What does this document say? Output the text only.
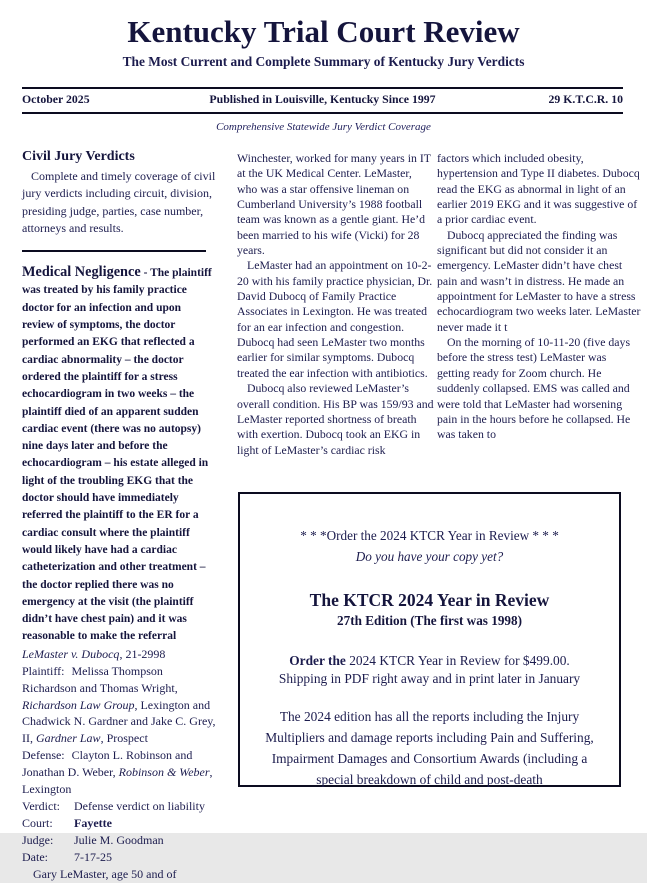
Kentucky Trial Court Review
The Most Current and Complete Summary of Kentucky Jury Verdicts
Published in Louisville, Kentucky Since 1997
October 2025	29 K.T.C.R. 10
Comprehensive Statewide Jury Verdict Coverage
Civil Jury Verdicts

Complete and timely coverage of civil jury verdicts including circuit, division, presiding judge, parties, case number, attorneys and results.

Medical Negligence - The plaintiff was treated by his family practice doctor for an infection and upon review of symptoms, the doctor performed an EKG that reflected a cardiac abnormality – the doctor ordered the plaintiff for a stress echocardiogram in two weeks – the plaintiff died of an apparent sudden cardiac event (there was no autopsy) nine days later and before the echocardiogram – his estate alleged in light of the troubling EKG that the doctor should have immediately referred the plaintiff to the ER for a cardiac consult where the plaintiff would likely have had a cardiac catheterization and other treatment – the doctor replied there was no emergency at the visit (the plaintiff didn’t have chest pain) and it was reasonable to make the referral

LeMaster v. Dubocq, 21-2998

Plaintiff: Melissa Thompson Richardson and Thomas Wright, Richardson Law Group, Lexington and Chadwick N. Gardner and Jake C. Grey, II, Gardner Law, Prospect

Defense: Clayton L. Robinson and Jonathan D. Weber, Robinson & Weber, Lexington

Verdict:	Defense verdict on liability
Court:	Fayette
Judge:	Julie M. Goodman
Date:	7-17-25

Gary LeMaster, age 50 and of

Winchester, worked for many years in IT at the UK Medical Center. LeMaster, who was a star offensive lineman on Cumberland University’s 1988 football team was known as a gentle giant. He’d been married to his wife (Vicki) for 28 years.

LeMaster had an appointment on 10-2-20 with his family practice physician, Dr. David Dubocq of Family Practice Associates in Lexington. He was treated for an ear infection and congestion. Dubocq had seen LeMaster two months earlier for similar symptoms. Dubocq treated the ear infection with antibiotics.

Dubocq also reviewed LeMaster’s overall condition. His BP was 159/93 and LeMaster reported shortness of breath with exertion. Dubocq took an EKG in light of LeMaster’s cardiac risk

factors which included obesity, hypertension and Type II diabetes. Dubocq read the EKG as abnormal in light of an earlier 2019 EKG and it was suggestive of a prior cardiac event.

Dubocq appreciated the finding was significant but did not consider it an emergency. LeMaster didn’t have chest pain and wasn’t in distress. He made an appointment for LeMaster to have a stress echocardiogram two weeks later. LeMaster never made it t

On the morning of 10-11-20 (five days before the stress test) LeMaster was getting ready for Zoom church. He suddenly collapsed. EMS was called and were told that LeMaster had worsening pain in the hours before he collapsed. He was taken to

* * *Order the 2024 KTCR Year in Review * * *

Do you have your copy yet?

The KTCR 2024 Year in Review

27th Edition (The first was 1998)

Order the 2024 KTCR Year in Review for $499.00.

Shipping in PDF right away and in print later in January

The 2024 edition has all the reports including the Injury Multipliers and damage reports including Pain and Suffering, Impairment Damages and Consortium Awards (including a special breakdown of child and post-death
